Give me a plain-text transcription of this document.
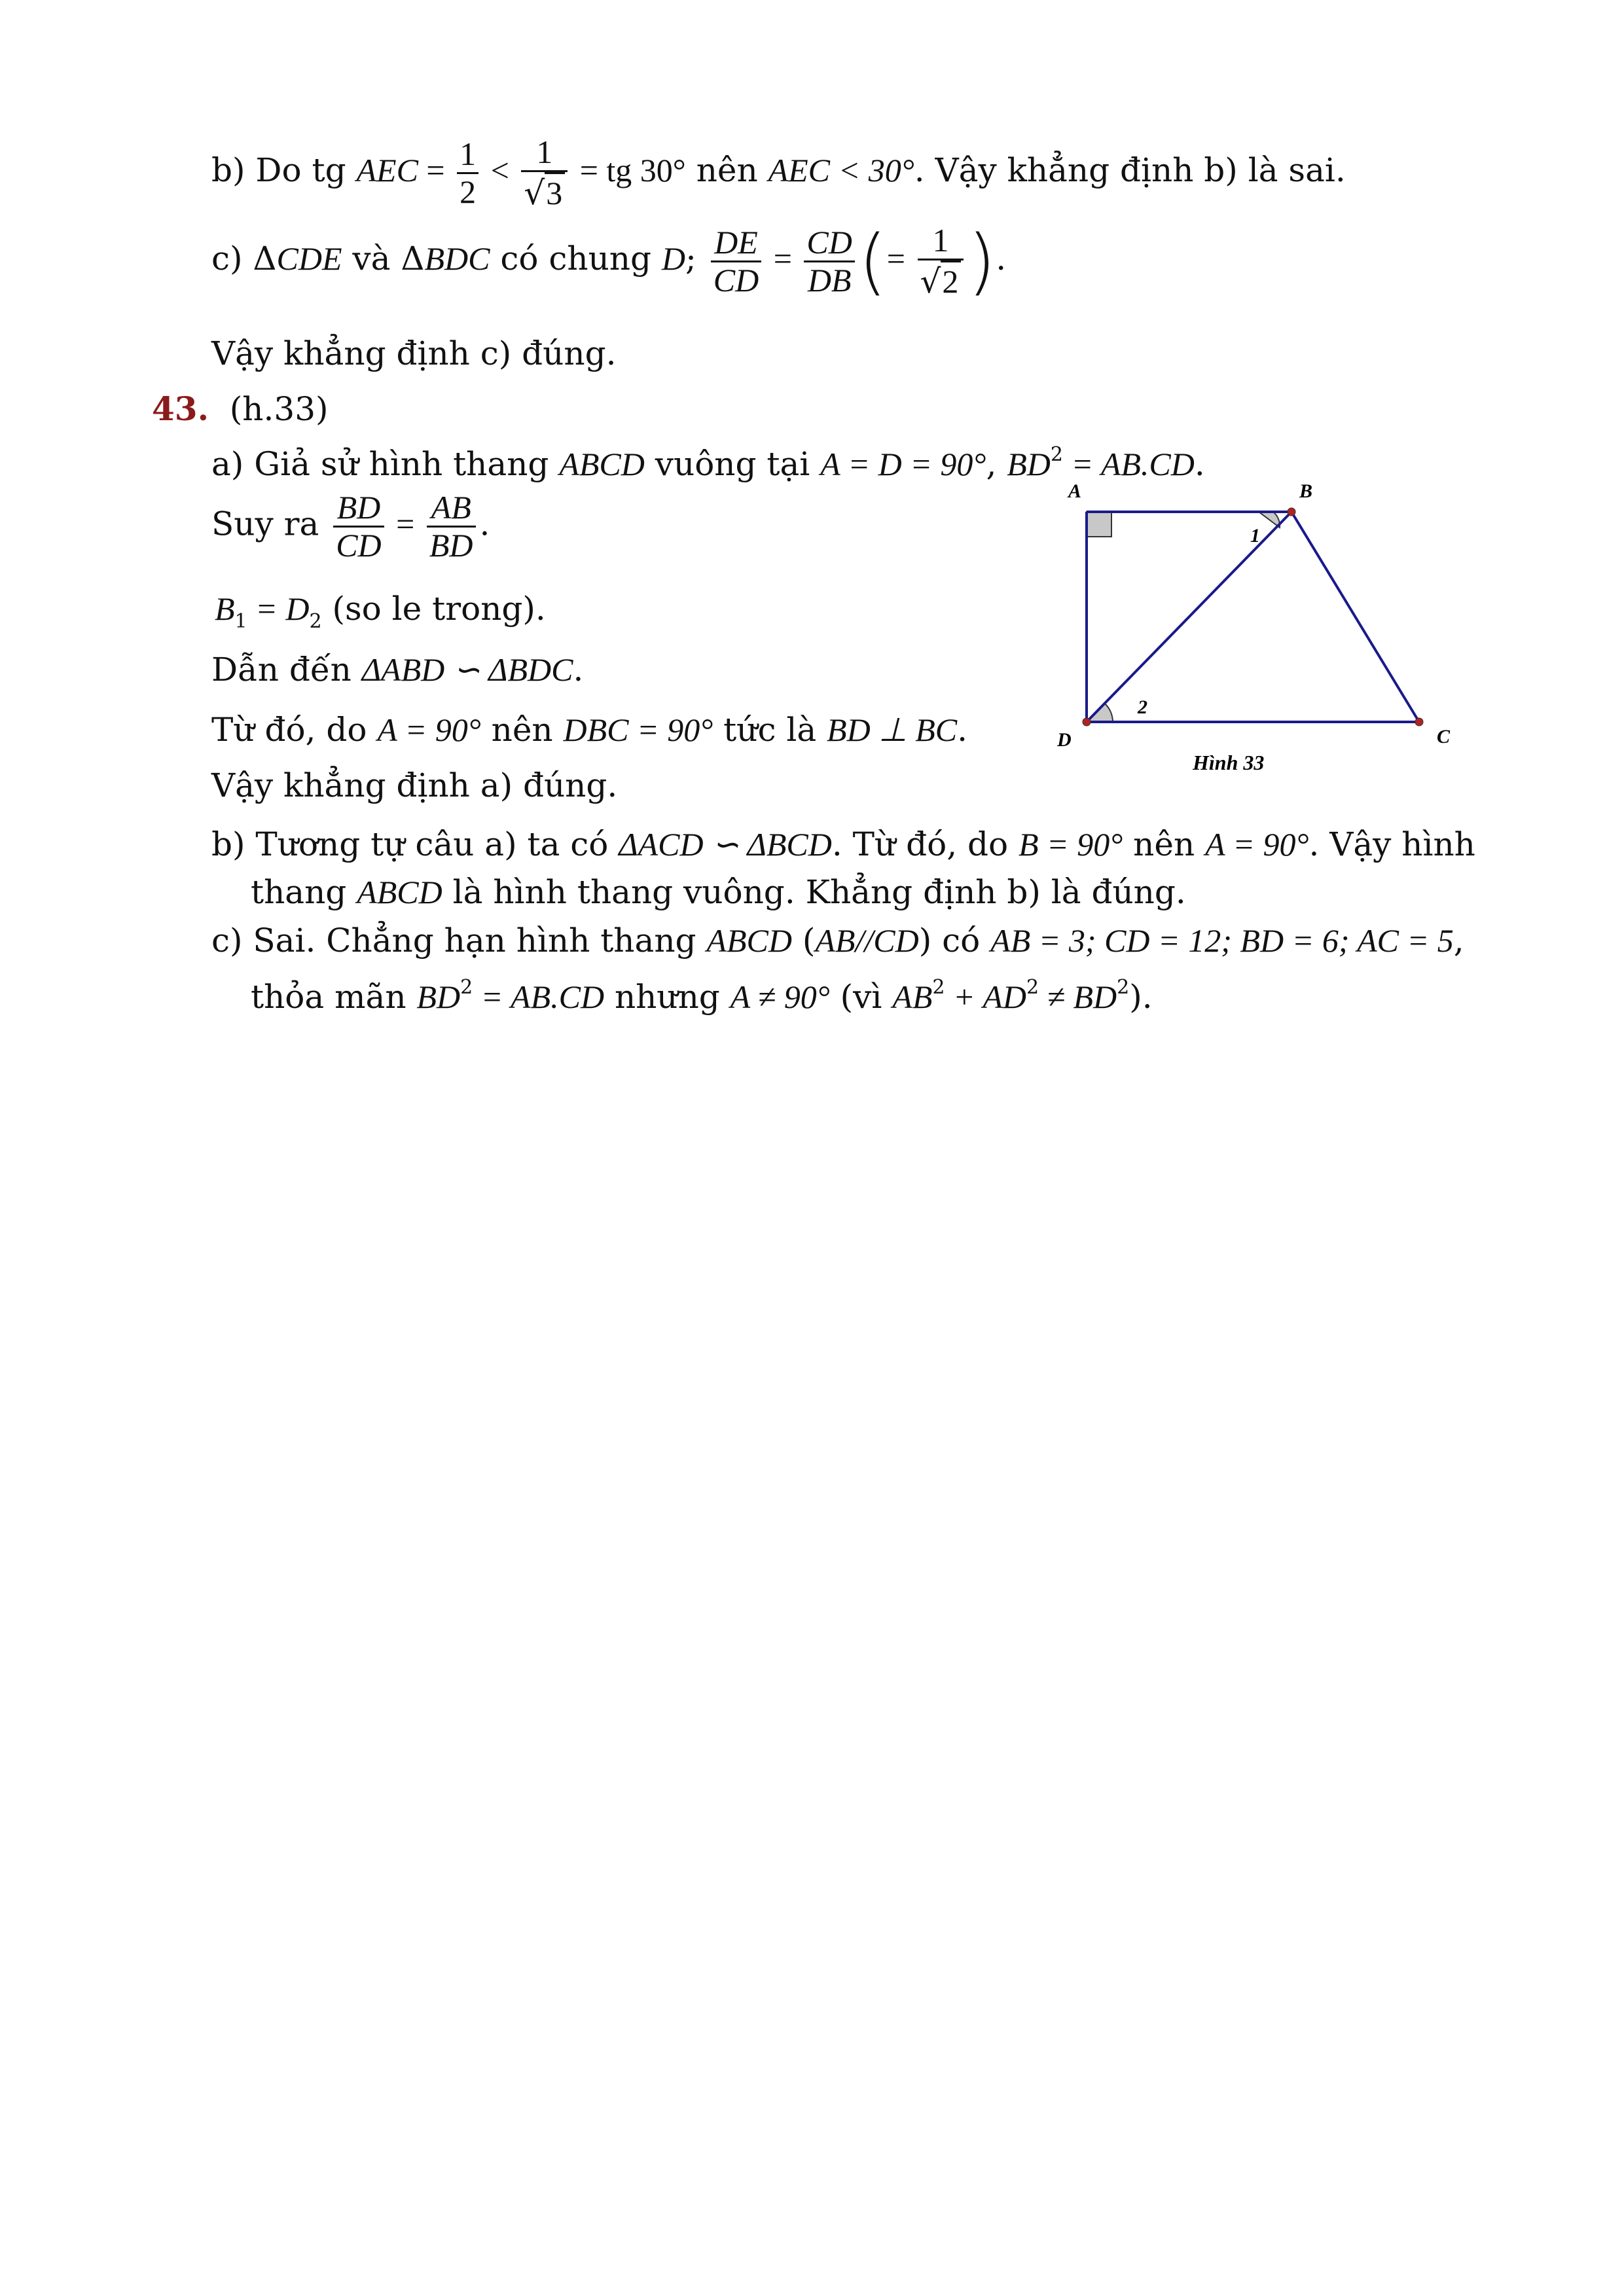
b) Do tg AEC = $\frac{1}{2} < \frac{1}{√3}$ = tg 30° nên AEC < 30°. Vậy khẳng định b) là sai.
c) ΔCDE và ΔBDC có chung D; $\frac{DE}{CD} = \frac{CD}{DB}$ (= $\frac{1}{√2}$ ).
Vậy khẳng định c) đúng.
43. (h.33)
a) Giả sử hình thang ABCD vuông tại A = D = 90°, $BD^2 = AB.CD$.
Suy ra $\frac{BD}{CD} = \frac{AB}{BD}$ .
$B_1 = D_2$ (so le trong).
Dẫn đến ΔABD ∽ ΔBDC.
Từ đó, do A = 90° nên DBC = 90° tức là BD ⊥ BC.
Vậy khẳng định a) đúng.
b) Tương tự câu a) ta có ΔACD ∽ ΔBCD. Từ đó, do B = 90° nên A = 90°. Vậy hình
thang ABCD là hình thang vuông. Khẳng định b) là đúng.
c) Sai. Chẳng hạn hình thang ABCD (AB//CD) có AB = 3; CD = 12; BD = 6; AC = 5,
thỏa mãn $BD^2 = AB.CD$ nhưng A ≠ 90° (vì $AB^2 + AD^2 \ne BD^2$).
A	B
C
D
1
2
Hình 33
